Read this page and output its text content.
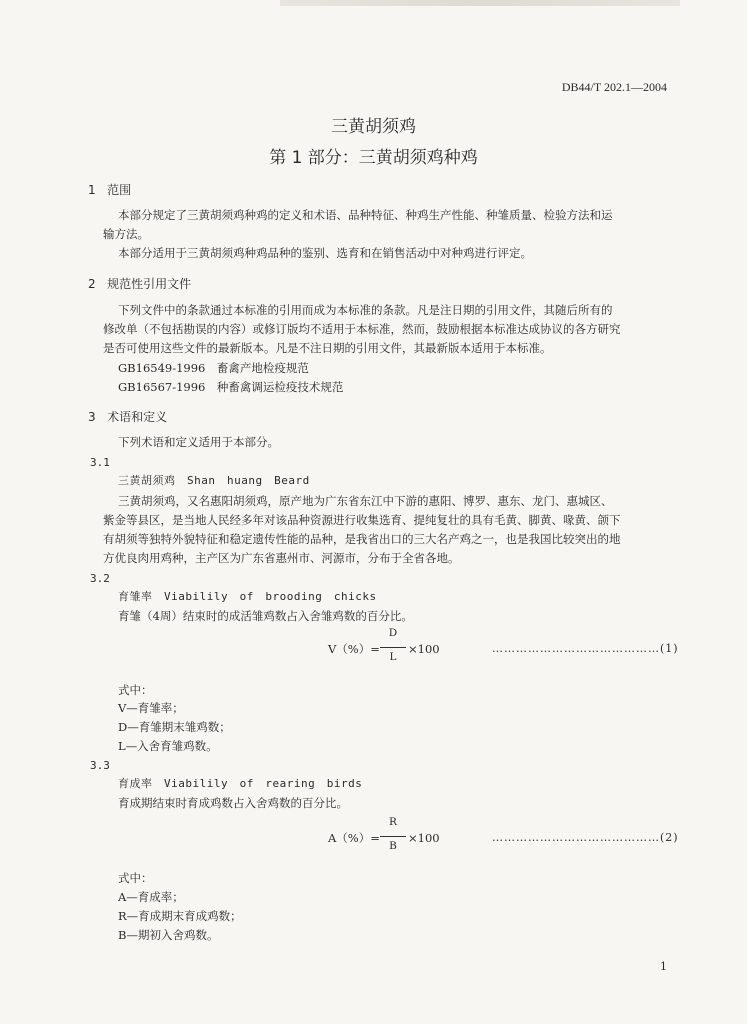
DB44/T 202.1—2004
三黄胡须鸡
第 1 部分：三黄胡须鸡种鸡
1 范围
本部分规定了三黄胡须鸡种鸡的定义和术语、品种特征、种鸡生产性能、种雏质量、检验方法和运
输方法。
本部分适用于三黄胡须鸡种鸡品种的鉴别、选育和在销售活动中对种鸡进行评定。
2 规范性引用文件
下列文件中的条款通过本标准的引用而成为本标准的条款。凡是注日期的引用文件，其随后所有的
修改单（不包括勘误的内容）或修订版均不适用于本标准，然而，鼓励根据本标准达成协议的各方研究
是否可使用这些文件的最新版本。凡是不注日期的引用文件，其最新版本适用于本标准。
GB16549-1996　畜禽产地检疫规范
GB16567-1996　种畜禽调运检疫技术规范
3 术语和定义
下列术语和定义适用于本部分。
3.1
三黄胡须鸡　Shan　huang　Beard
三黄胡须鸡，又名惠阳胡须鸡，原产地为广东省东江中下游的惠阳、博罗、惠东、龙门、惠城区、
紫金等县区，是当地人民经多年对该品种资源进行收集选育、提纯复壮的具有毛黄、脚黄、喙黄、颌下
有胡须等独特外貌特征和稳定遗传性能的品种，是我省出口的三大名产鸡之一，也是我国比较突出的地
方优良肉用鸡种，主产区为广东省惠州市、河源市，分布于全省各地。
3.2
育雏率　Viabilily　of　brooding　chicks
育雏（4周）结束时的成活雏鸡数占入舍雏鸡数的百分比。
V（%）=
D
L
×100	……………………………………(1)
式中：
V—育雏率；
D—育雏期末雏鸡数；
L—入舍育雏鸡数。
3.3
育成率　Viabilily　of　rearing　birds
育成期结束时育成鸡数占入舍鸡数的百分比。
A（%）=
R
B
×100	……………………………………(2)
式中：
A—育成率；
R—育成期末育成鸡数；
B—期初入舍鸡数。
1
